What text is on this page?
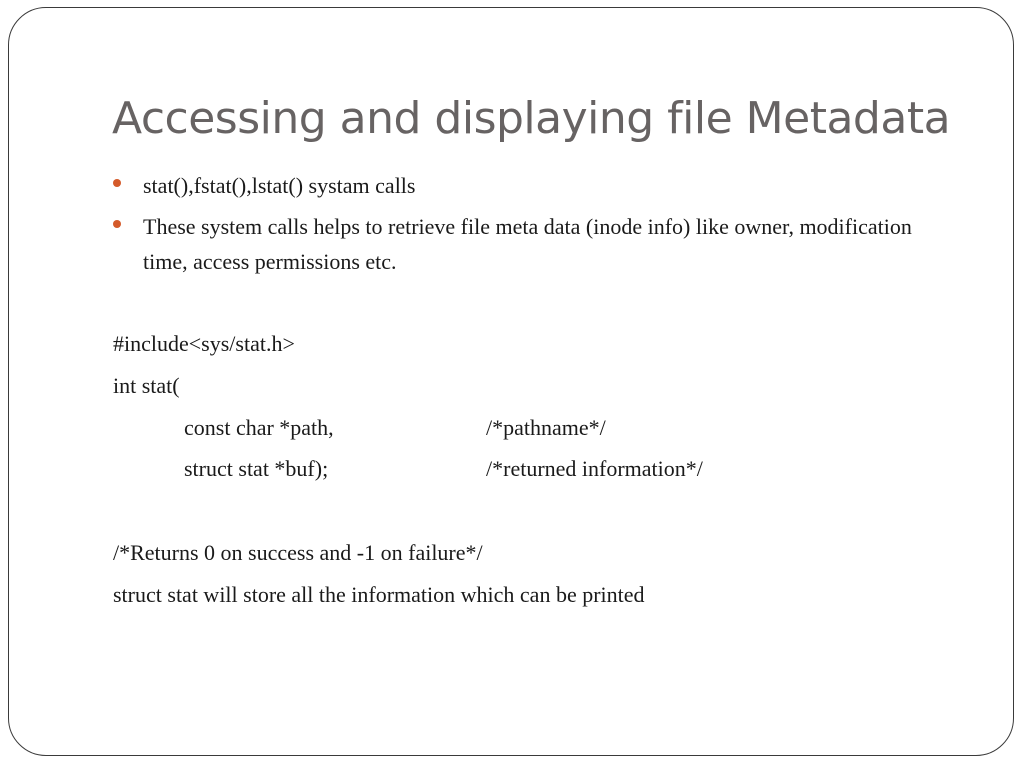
Accessing and displaying file Metadata
stat(),fstat(),lstat() systam calls
These system calls helps to retrieve file meta data (inode info) like owner, modification time, access permissions etc.
#include<sys/stat.h>
int stat(
const char *path,	/*pathname*/
struct stat *buf);	/*returned information*/
/*Returns 0 on success and -1 on failure*/
struct stat will store all the information which can be printed
